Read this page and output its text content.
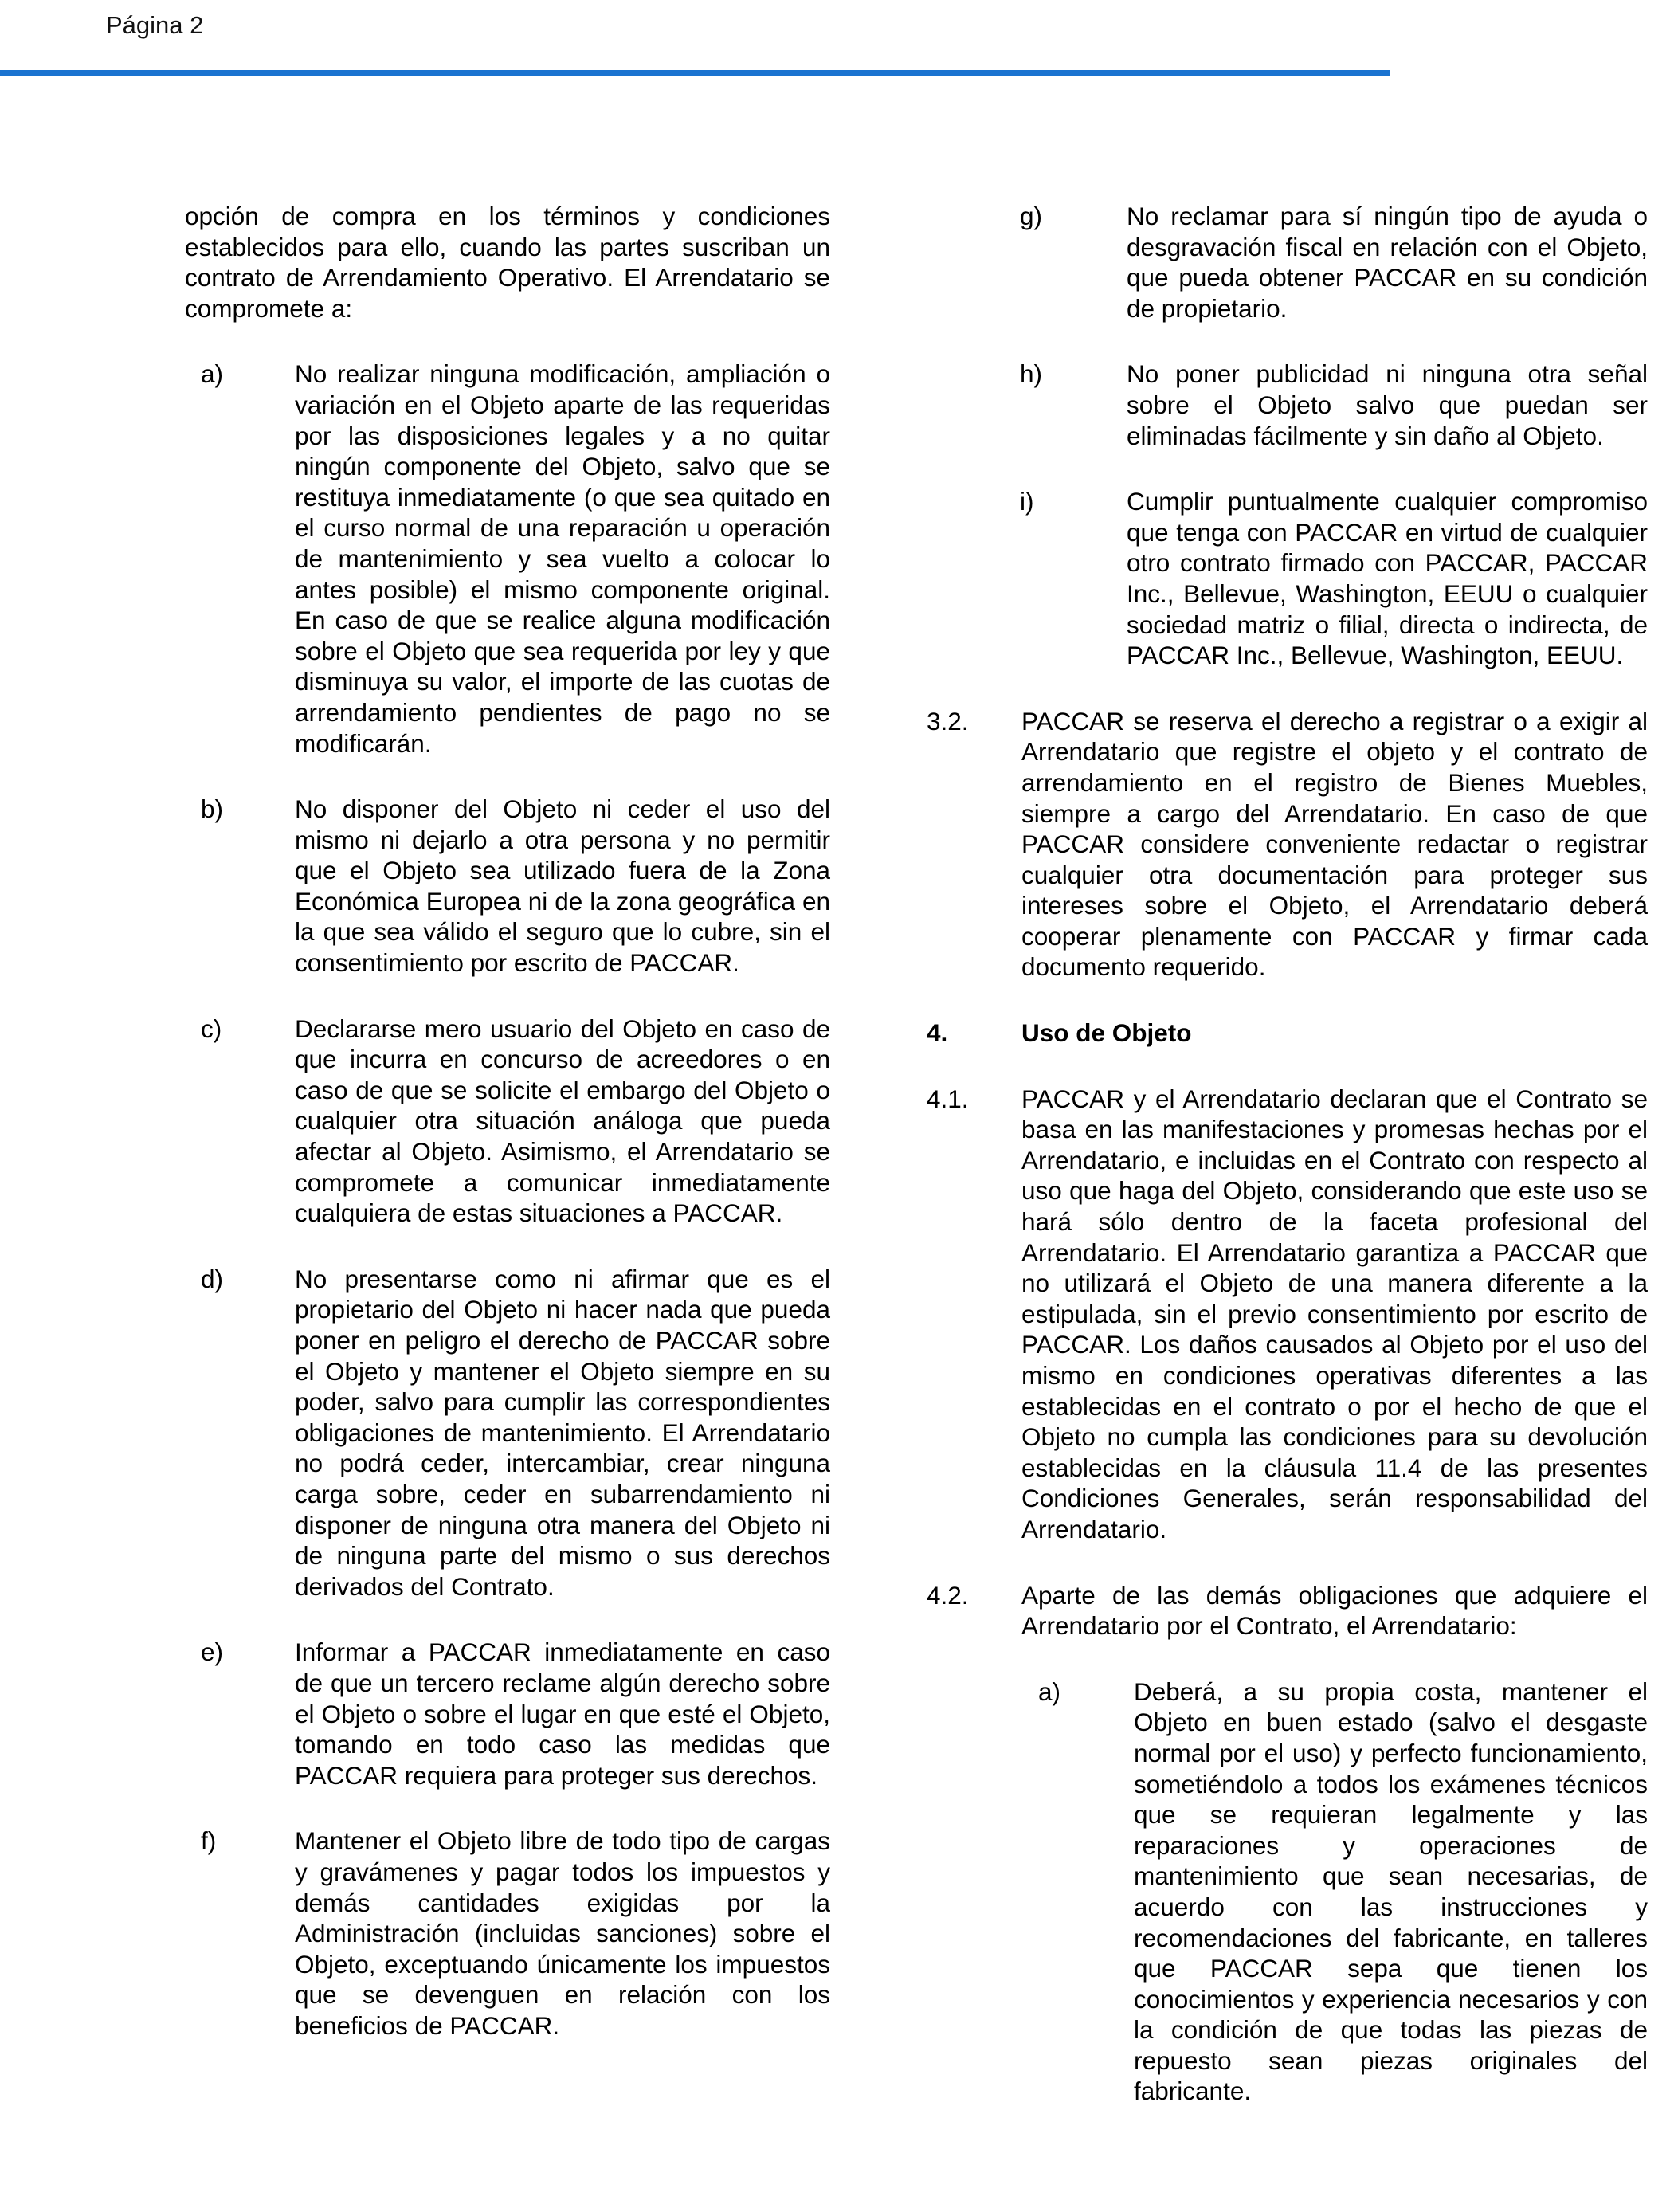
Página 2

opción de compra en los términos y condiciones establecidos para ello, cuando las partes suscriban un contrato de Arrendamiento Operativo. El Arrendatario se compromete a:

a)	No realizar ninguna modificación, ampliación o variación en el Objeto aparte de las requeridas por las disposiciones legales y a no quitar ningún componente del Objeto, salvo que se restituya inmediatamente (o que sea quitado en el curso normal de una reparación u operación de mantenimiento y sea vuelto a colocar lo antes posible) el mismo componente original. En caso de que se realice alguna modificación sobre el Objeto que sea requerida por ley y que disminuya su valor, el importe de las cuotas de arrendamiento pendientes de pago no se modificarán.
b)	No disponer del Objeto ni ceder el uso del mismo ni dejarlo a otra persona y no permitir que el Objeto sea utilizado fuera de la Zona Económica Europea ni de la zona geográfica en la que sea válido el seguro que lo cubre, sin el consentimiento por escrito de PACCAR.
c)	Declararse mero usuario del Objeto en caso de que incurra en concurso de acreedores o en caso de que se solicite el embargo del Objeto o cualquier otra situación análoga que pueda afectar al Objeto. Asimismo, el Arrendatario se compromete a comunicar inmediatamente cualquiera de estas situaciones a PACCAR.
d)	No presentarse como ni afirmar que es el propietario del Objeto ni hacer nada que pueda poner en peligro el derecho de PACCAR sobre el Objeto y mantener el Objeto siempre en su poder, salvo para cumplir las correspondientes obligaciones de mantenimiento. El Arrendatario no podrá ceder, intercambiar, crear ninguna carga sobre, ceder en subarrendamiento ni disponer de ninguna otra manera del Objeto ni de ninguna parte del mismo o sus derechos derivados del Contrato.
e)	Informar a PACCAR inmediatamente en caso de que un tercero reclame algún derecho sobre el Objeto o sobre el lugar en que esté el Objeto, tomando en todo caso las medidas que PACCAR requiera para proteger sus derechos.
f)	Mantener el Objeto libre de todo tipo de cargas y gravámenes y pagar todos los impuestos y demás cantidades exigidas por la Administración (incluidas sanciones) sobre el Objeto, exceptuando únicamente los impuestos que se devenguen en relación con los beneficios de PACCAR.
g)	No reclamar para sí ningún tipo de ayuda o desgravación fiscal en relación con el Objeto, que pueda obtener PACCAR en su condición de propietario.
h)	No poner publicidad ni ninguna otra señal sobre el Objeto salvo que puedan ser eliminadas fácilmente y sin daño al Objeto.
i)	Cumplir puntualmente cualquier compromiso que tenga con PACCAR en virtud de cualquier otro contrato firmado con PACCAR, PACCAR Inc., Bellevue, Washington, EEUU o cualquier sociedad matriz o filial, directa o indirecta, de PACCAR Inc., Bellevue, Washington, EEUU.
3.2.	PACCAR se reserva el derecho a registrar o a exigir al Arrendatario que registre el objeto y el contrato de arrendamiento en el registro de Bienes Muebles, siempre a cargo del Arrendatario. En caso de que PACCAR considere conveniente redactar o registrar cualquier otra documentación para proteger sus intereses sobre el Objeto, el Arrendatario deberá cooperar plenamente con PACCAR y firmar cada documento requerido.
4.	Uso de Objeto
4.1.	PACCAR y el Arrendatario declaran que el Contrato se basa en las manifestaciones y promesas hechas por el Arrendatario, e incluidas en el Contrato con respecto al uso que haga del Objeto, considerando que este uso se hará sólo dentro de la faceta profesional del Arrendatario. El Arrendatario garantiza a PACCAR que no utilizará el Objeto de una manera diferente a la estipulada, sin el previo consentimiento por escrito de PACCAR. Los daños causados al Objeto por el uso del mismo en condiciones operativas diferentes a las establecidas en el contrato o por el hecho de que el Objeto no cumpla las condiciones para su devolución establecidas en la cláusula 11.4 de las presentes Condiciones Generales, serán responsabilidad del Arrendatario.
4.2.	Aparte de las demás obligaciones que adquiere el Arrendatario por el Contrato, el Arrendatario:
a)	Deberá, a su propia costa, mantener el Objeto en buen estado (salvo el desgaste normal por el uso) y perfecto funcionamiento, sometiéndolo a todos los exámenes técnicos que se requieran legalmente y las reparaciones y operaciones de mantenimiento que sean necesarias, de acuerdo con las instrucciones y recomendaciones del fabricante, en talleres que PACCAR sepa que tienen los conocimientos y experiencia necesarios y con la condición de que todas las piezas de repuesto sean piezas originales del fabricante.
